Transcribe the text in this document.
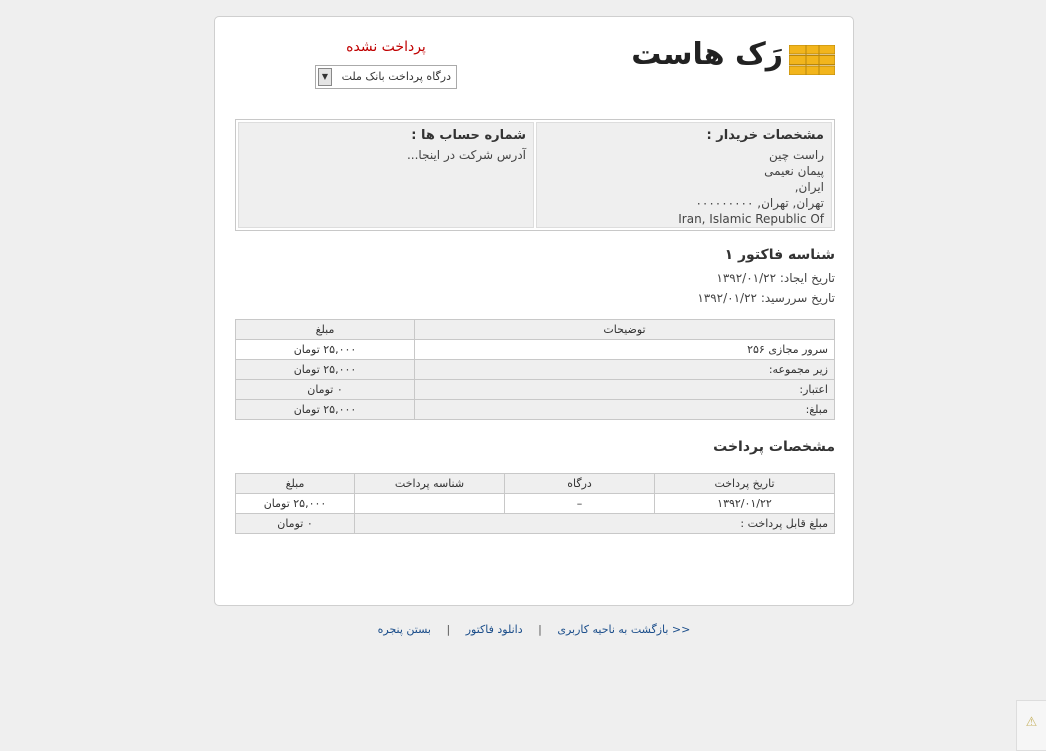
رَک هاست
پرداخت نشده
درگاه پرداخت بانک ملت
▼
مشخصات خریدار :
راست چین
پیمان نعیمی
ایران,
تهران, تهران, ۰۰۰۰۰۰۰۰۰
Iran, Islamic Republic Of
شماره حساب ها :
آدرس شرکت در اینجا...
شناسه فاکتور ۱
تاریخ ایجاد: ۱۳۹۲/۰۱/۲۲
تاریخ سررسید: ۱۳۹۲/۰۱/۲۲
توضیحات	مبلغ
سرور مجازی ۲۵۶	۲۵,۰۰۰ تومان
زیر مجموعه:	۲۵,۰۰۰ تومان
اعتبار:	۰ تومان
مبلغ:	۲۵,۰۰۰ تومان
مشخصات پرداخت
تاریخ پرداخت	درگاه	شناسه پرداخت	مبلغ
۱۳۹۲/۰۱/۲۲	–		۲۵,۰۰۰ تومان
مبلغ قابل پرداخت :			۰ تومان
<< بازگشت به ناحیه کاربری | دانلود فاکتور | بستن پنجره
⚠
